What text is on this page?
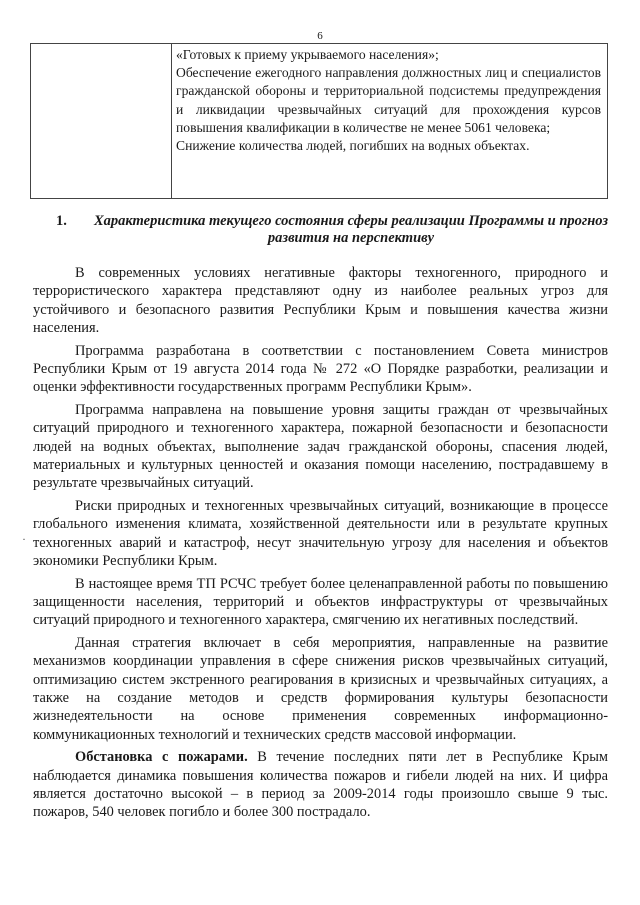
6

«Готовых к приему укрываемого населения»;

Обеспечение ежегодного направления должностных лиц и специалистов гражданской обороны и территориальной подсистемы предупреждения и ликвидации чрезвычайных ситуаций для прохождения курсов повышения квалификации в количестве не менее 5061 человека;

Снижение количества людей, погибших на водных объектах.

1.	Характеристика текущего состояния сферы реализации Программы и прогноз развития на перспективу
·

В современных условиях негативные факторы техногенного, природного и террористического характера представляют одну из наиболее реальных угроз для устойчивого и безопасного развития Республики Крым и повышения качества жизни населения.

Программа разработана в соответствии с постановлением Совета министров Республики Крым от 19 августа 2014 года № 272 «О Порядке разработки, реализации и оценки эффективности государственных программ Республики Крым».

Программа направлена на повышение уровня защиты граждан от чрезвычайных ситуаций природного и техногенного характера, пожарной безопасности и безопасности людей на водных объектах, выполнение задач гражданской обороны, спасения людей, материальных и культурных ценностей и оказания помощи населению, пострадавшему в результате чрезвычайных ситуаций.

Риски природных и техногенных чрезвычайных ситуаций, возникающие в процессе глобального изменения климата, хозяйственной деятельности или в результате крупных техногенных аварий и катастроф, несут значительную угрозу для населения и объектов экономики Республики Крым.

В настоящее время ТП РСЧС требует более целенаправленной работы по повышению защищенности населения, территорий и объектов инфраструктуры от чрезвычайных ситуаций природного и техногенного характера, смягчению их негативных последствий.

Данная стратегия включает в себя мероприятия, направленные на развитие механизмов координации управления в сфере снижения рисков чрезвычайных ситуаций, оптимизацию систем экстренного реагирования в кризисных и чрезвычайных ситуациях, а также на создание методов и средств формирования культуры безопасности жизнедеятельности на основе применения современных информационно-коммуникационных технологий и технических средств массовой информации.

Обстановка с пожарами. В течение последних пяти лет в Республике Крым наблюдается динамика повышения количества пожаров и гибели людей на них. И цифра является достаточно высокой – в период за 2009-2014 годы произошло свыше 9 тыс. пожаров, 540 человек погибло и более 300 пострадало.
